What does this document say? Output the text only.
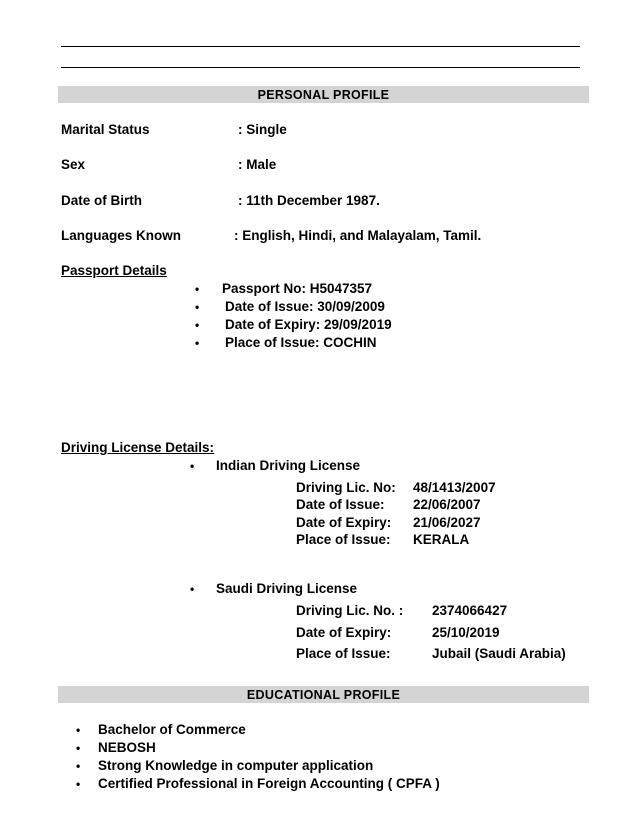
PERSONAL PROFILE
Marital Status	: Single
Sex	: Male
Date of Birth	: 11th December 1987.
Languages Known	: English, Hindi, and Malayalam, Tamil.
Passport Details
• Passport No: H5047357
• Date of Issue: 30/09/2009
• Date of Expiry: 29/09/2019
• Place of Issue: COCHIN
Driving License Details:
• Indian Driving License
Driving Lic. No: 48/1413/2007
Date of Issue: 22/06/2007
Date of Expiry: 21/06/2027
Place of Issue: KERALA
• Saudi Driving License
Driving Lic. No. : 2374066427
Date of Expiry:	25/10/2019
Place of Issue:	Jubail (Saudi Arabia)
EDUCATIONAL PROFILE
• Bachelor of Commerce
• NEBOSH
• Strong Knowledge in computer application
• Certified Professional in Foreign Accounting ( CPFA )
